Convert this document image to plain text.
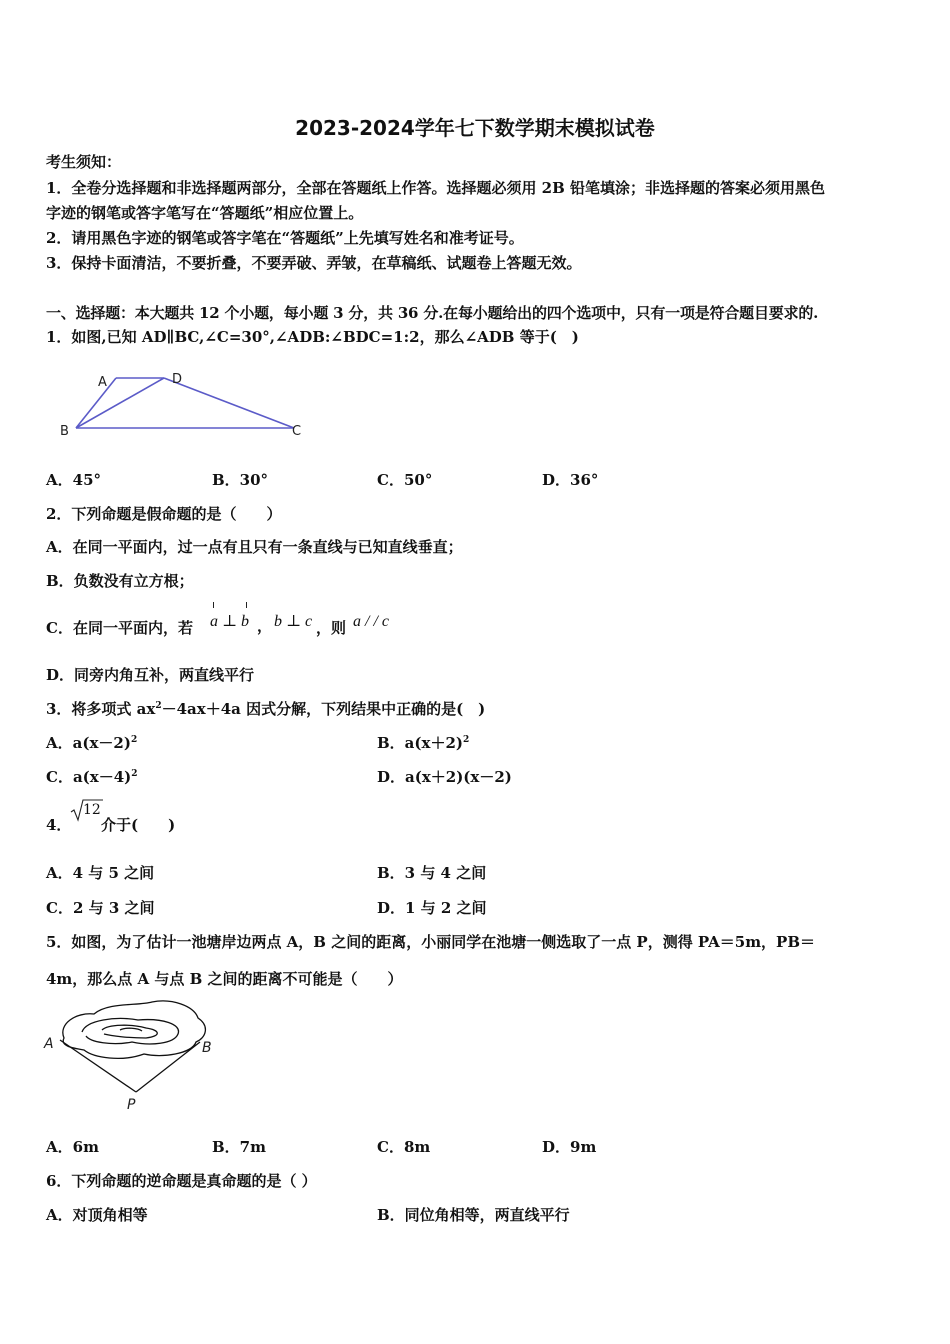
2023-2024学年七下数学期末模拟试卷
考生须知：
1．全卷分选择题和非选择题两部分，全部在答题纸上作答。选择题必须用 2B 铅笔填涂；非选择题的答案必须用黑色
字迹的钢笔或答字笔写在“答题纸”相应位置上。
2．请用黑色字迹的钢笔或答字笔在“答题纸”上先填写姓名和准考证号。
3．保持卡面清洁，不要折叠，不要弄破、弄皱，在草稿纸、试题卷上答题无效。
一、选择题：本大题共 12 个小题，每小题 3 分，共 36 分.在每小题给出的四个选项中，只有一项是符合题目要求的.
1．如图,已知 AD∥BC,∠C=30°,∠ADB:∠BDC=1:2，那么∠ADB 等于(　)
A	D
B	C
A．45°	B．30°	C．50°	D．36°
2．下列命题是假命题的是（　　）
A．在同一平面内，过一点有且只有一条直线与已知直线垂直；
B．负数没有立方根；
C．在同一平面内，若 a ⊥ b ， b ⊥ c ，则 a / / c
D．同旁内角互补，两直线平行
3．将多项式 $ax^2-4ax+4a$ 因式分解，下列结果中正确的是(　)
A．$a(x-2)^2$	B．$a(x+2)^2$
C．$a(x-4)^2$	D．a(x＋2)(x－2)
4．
12
介于(　　)
A．4 与 5 之间	B．3 与 4 之间
C．2 与 3 之间	D．1 与 2 之间
5．如图，为了估计一池塘岸边两点 A，B 之间的距离，小丽同学在池塘一侧选取了一点 P，测得 PA＝5m，PB＝
4m，那么点 A 与点 B 之间的距离不可能是（　　）
A	B
P
A．6m	B．7m	C．8m	D．9m
6．下列命题的逆命题是真命题的是（ ）
A．对顶角相等	B．同位角相等，两直线平行
